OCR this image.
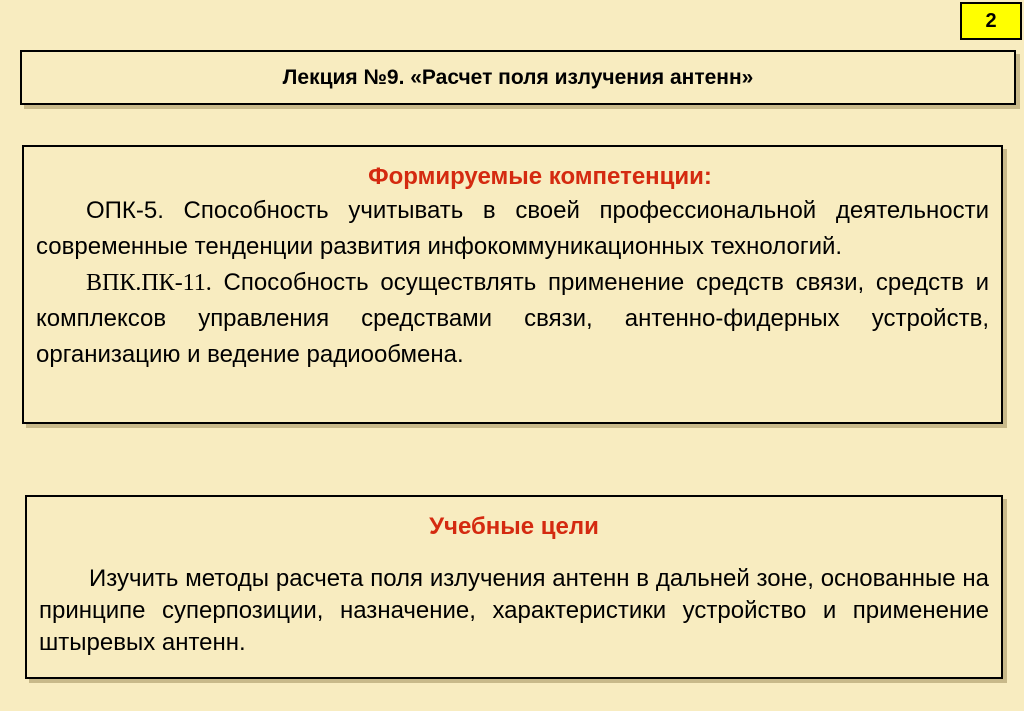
2
Лекция №9. «Расчет поля излучения антенн»
Формируемые компетенции:

ОПК-5. Способность учитывать в своей профессиональной деятельности современные тенденции развития инфокоммуникационных технологий.

ВПК.ПК-11. Способность осуществлять применение средств связи, средств и комплексов управления средствами связи, антенно-фидерных устройств, организацию и ведение радиообмена.

Учебные цели

Изучить методы расчета поля излучения антенн в дальней зоне, основанные на принципе суперпозиции, назначение, характеристики устройство и применение штыревых антенн.
